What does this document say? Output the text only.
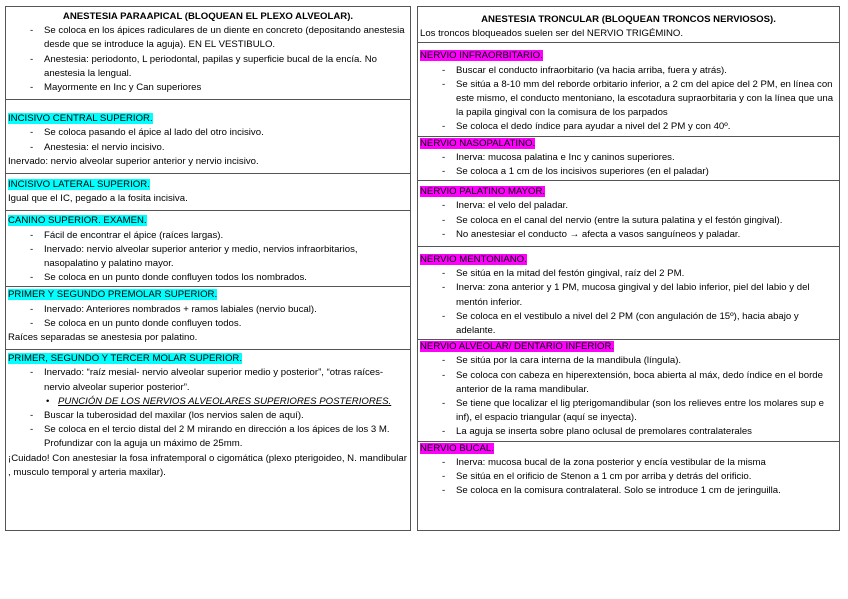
ANESTESIA PARAAPICAL (BLOQUEAN EL PLEXO ALVEOLAR).
- Se coloca en los ápices radiculares de un diente en concreto (depositando anestesia desde que se introduce la aguja). EN EL VESTIBULO.
- Anestesia: periodonto, L periodontal, papilas y superficie bucal de la encía. No anestesia la lengual.
- Mayormente en Inc y Can superiores
INCISIVO CENTRAL SUPERIOR.
- Se coloca pasando el ápice al lado del otro incisivo.
- Anestesia: el nervio incisivo.
Inervado: nervio alveolar superior anterior y nervio incisivo.
INCISIVO LATERAL SUPERIOR.
Igual que el IC, pegado a la fosita incisiva.
CANINO SUPERIOR. EXAMEN.
- Fácil de encontrar el ápice (raíces largas).
- Inervado: nervio alveolar superior anterior y medio, nervios infraorbitarios, nasopalatino y palatino mayor.
- Se coloca en un punto donde confluyen todos los nombrados.
PRIMER Y SEGUNDO PREMOLAR SUPERIOR.
- Inervado: Anteriores nombrados + ramos labiales (nervio bucal).
- Se coloca en un punto donde confluyen todos.
Raíces separadas se anestesia por palatino.
PRIMER, SEGUNDO Y TERCER MOLAR SUPERIOR.
- Inervado: “raíz mesial- nervio alveolar superior medio y posterior”, “otras raíces- nervio alveolar superior posterior”.
• PUNCIÓN DE LOS NERVIOS ALVEOLARES SUPERIORES POSTERIORES.
- Buscar la tuberosidad del maxilar (los nervios salen de aquí).
- Se coloca en el tercio distal del 2 M mirando en dirección a los ápices de los 3 M. Profundizar con la aguja un máximo de 25mm.
¡Cuidado! Con anestesiar la fosa infratemporal o cigomática (plexo pterigoideo, N. mandibular , musculo temporal y arteria maxilar).
ANESTESIA TRONCULAR (BLOQUEAN TRONCOS NERVIOSOS).
Los troncos bloqueados suelen ser del NERVIO TRIGÉMINO.
NERVIO INFRAORBITARIO.
- Buscar el conducto infraorbitario (va hacia arriba, fuera y atrás).
- Se sitúa a 8-10 mm del reborde orbitario inferior, a 2 cm del apice del 2 PM, en línea con este mismo, el conducto mentoniano, la escotadura supraorbitaria y con la línea que una la papila gingival con la comisura de los parpados
- Se coloca el dedo índice para ayudar a nivel del 2 PM y con 40º.
NERVIO NASOPALATINO.
- Inerva: mucosa palatina e Inc y caninos superiores.
- Se coloca a 1 cm de los incisivos superiores (en el paladar)
NERVIO PALATINO MAYOR.
- Inerva: el velo del paladar.
- Se coloca en el canal del nervio (entre la sutura palatina y el festón gingival).
- No anestesiar el conducto → afecta a vasos sanguíneos y paladar.
NERVIO MENTONIANO.
- Se sitúa en la mitad del festón gingival, raíz del 2 PM.
- Inerva: zona anterior y 1 PM, mucosa gingival y del labio inferior, piel del labio y del mentón inferior.
- Se coloca en el vestibulo a nivel del 2 PM (con angulación de 15º), hacia abajo y adelante.
NERVIO ALVEOLAR/ DENTARIO INFERIOR.
- Se sitúa por la cara interna de la mandibula (língula).
- Se coloca con cabeza en hiperextensión, boca abierta al máx, dedo índice en el borde anterior de la rama mandibular.
- Se tiene que localizar el lig pterigomandibular (son los relieves entre los molares sup e inf), el espacio triangular (aquí se inyecta).
- La aguja se inserta sobre plano oclusal de premolares contralaterales
NERVIO BUCAL.
- Inerva: mucosa bucal de la zona posterior y encía vestibular de la misma
- Se sitúa en el orificio de Stenon a 1 cm por arriba y detrás del orificio.
- Se coloca en la comisura contralateral. Solo se introduce 1 cm de jeringuilla.
